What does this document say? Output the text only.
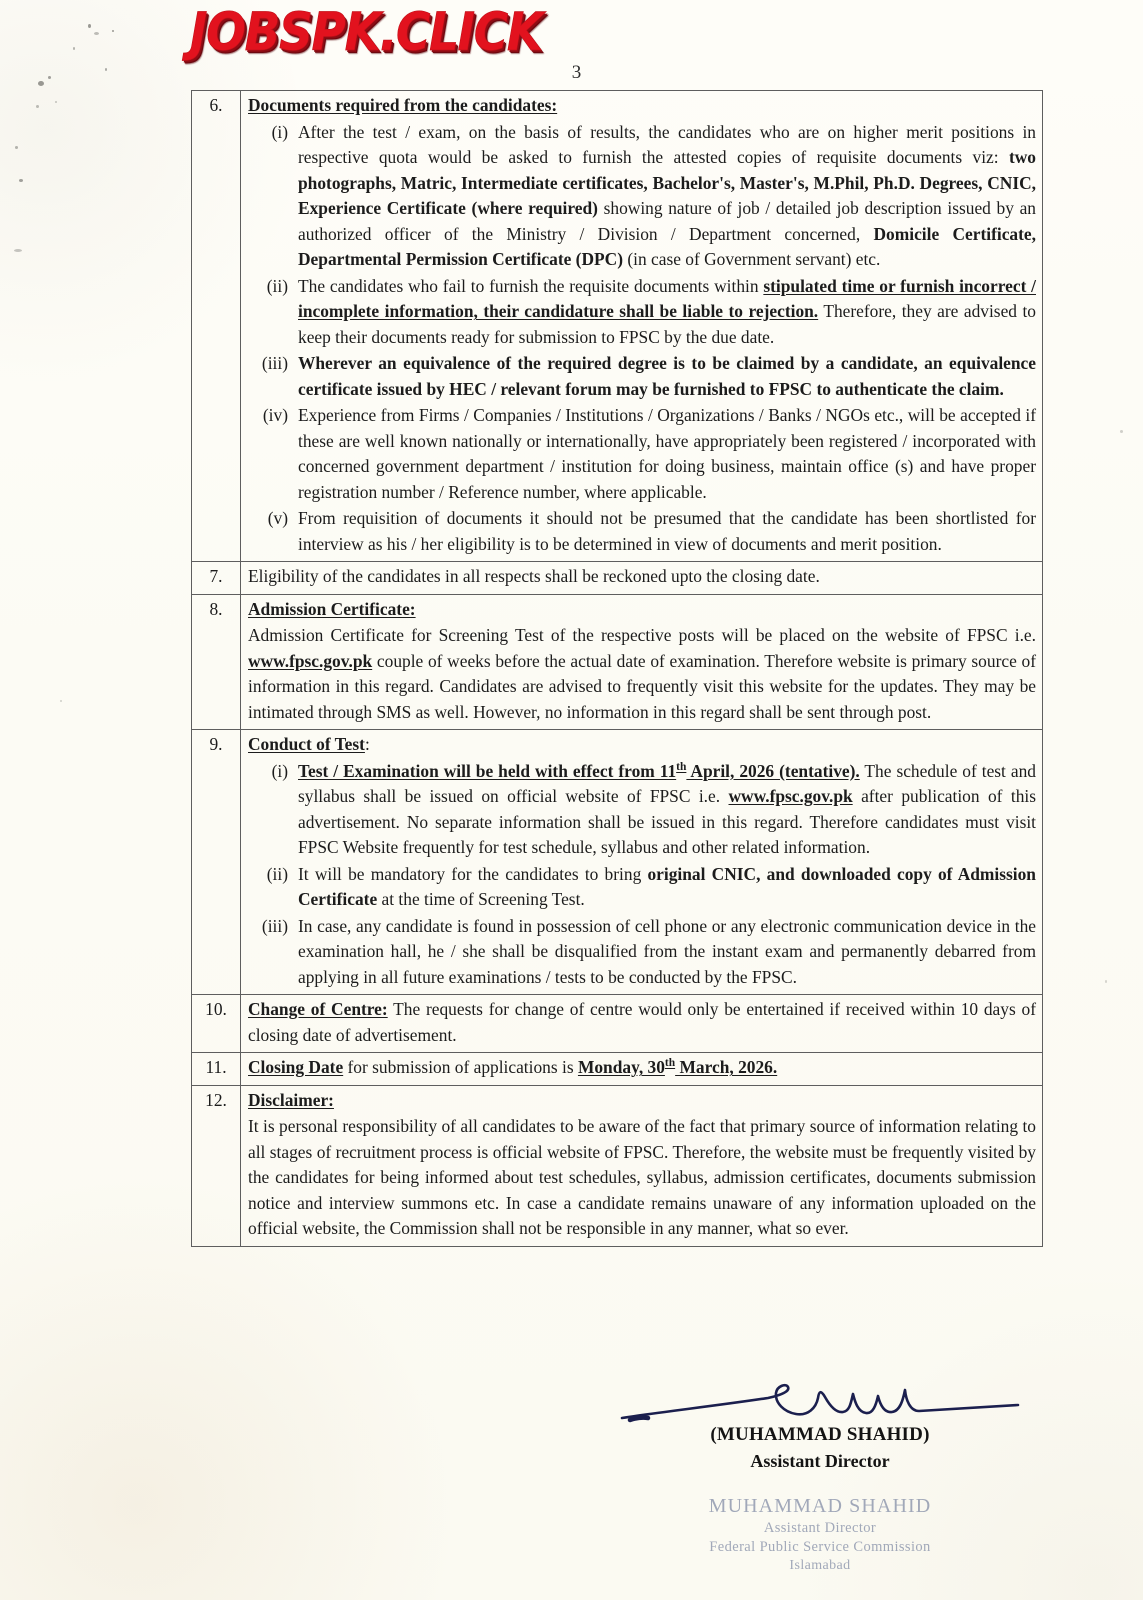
JOBSPK.CLICK
3
6.	Documents required from the candidates:
(i) After the test / exam, on the basis of results, the candidates who are on higher merit positions in respective quota would be asked to furnish the attested copies of requisite documents viz: two photographs, Matric, Intermediate certificates, Bachelor's, Master's, M.Phil, Ph.D. Degrees, CNIC, Experience Certificate (where required) showing nature of job / detailed job description issued by an authorized officer of the Ministry / Division / Department concerned, Domicile Certificate, Departmental Permission Certificate (DPC) (in case of Government servant) etc.
(ii) The candidates who fail to furnish the requisite documents within stipulated time or furnish incorrect / incomplete information, their candidature shall be liable to rejection. Therefore, they are advised to keep their documents ready for submission to FPSC by the due date.
(iii) Wherever an equivalence of the required degree is to be claimed by a candidate, an equivalence certificate issued by HEC / relevant forum may be furnished to FPSC to authenticate the claim.
(iv) Experience from Firms / Companies / Institutions / Organizations / Banks / NGOs etc., will be accepted if these are well known nationally or internationally, have appropriately been registered / incorporated with concerned government department / institution for doing business, maintain office (s) and have proper registration number / Reference number, where applicable.
(v) From requisition of documents it should not be presumed that the candidate has been shortlisted for interview as his / her eligibility is to be determined in view of documents and merit position.

7.	Eligibility of the candidates in all respects shall be reckoned upto the closing date.

8.	Admission Certificate:
Admission Certificate for Screening Test of the respective posts will be placed on the website of FPSC i.e. www.fpsc.gov.pk couple of weeks before the actual date of examination. Therefore website is primary source of information in this regard. Candidates are advised to frequently visit this website for the updates. They may be intimated through SMS as well. However, no information in this regard shall be sent through post.

9.	Conduct of Test:
(i) Test / Examination will be held with effect from 11th April, 2026 (tentative). The schedule of test and syllabus shall be issued on official website of FPSC i.e. www.fpsc.gov.pk after publication of this advertisement. No separate information shall be issued in this regard. Therefore candidates must visit FPSC Website frequently for test schedule, syllabus and other related information.
(ii) It will be mandatory for the candidates to bring original CNIC, and downloaded copy of Admission Certificate at the time of Screening Test.
(iii) In case, any candidate is found in possession of cell phone or any electronic communication device in the examination hall, he / she shall be disqualified from the instant exam and permanently debarred from applying in all future examinations / tests to be conducted by the FPSC.

10.	Change of Centre: The requests for change of centre would only be entertained if received within 10 days of closing date of advertisement.

11.	Closing Date for submission of applications is Monday, 30th March, 2026.

12.	Disclaimer:
It is personal responsibility of all candidates to be aware of the fact that primary source of information relating to all stages of recruitment process is official website of FPSC. Therefore, the website must be frequently visited by the candidates for being informed about test schedules, syllabus, admission certificates, documents submission notice and interview summons etc. In case a candidate remains unaware of any information uploaded on the official website, the Commission shall not be responsible in any manner, what so ever.
(MUHAMMAD SHAHID)
Assistant Director
MUHAMMAD SHAHID
Assistant Director
Federal Public Service Commission
Islamabad
